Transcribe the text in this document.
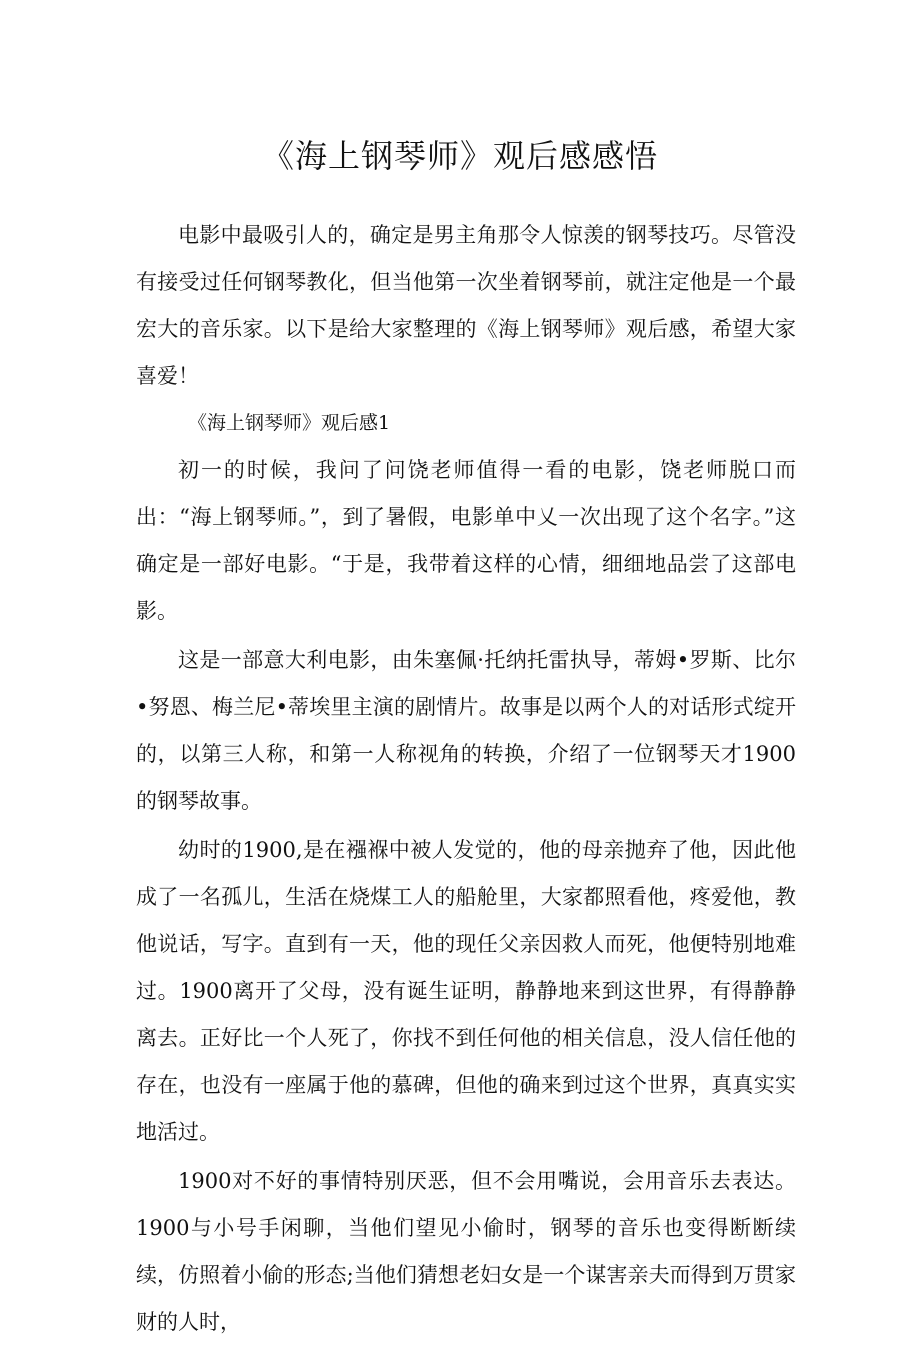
《海上钢琴师》观后感感悟

电影中最吸引人的，确定是男主角那令人惊羡的钢琴技巧。尽管没有接受过任何钢琴教化，但当他第一次坐着钢琴前，就注定他是一个最宏大的音乐家。以下是给大家整理的《海上钢琴师》观后感，希望大家喜爱！

《海上钢琴师》观后感1

初一的时候，我问了问饶老师值得一看的电影，饶老师脱口而出：“海上钢琴师。”，到了暑假，电影单中乂一次出现了这个名字。”这确定是一部好电影。“于是，我带着这样的心情，细细地品尝了这部电影。

这是一部意大利电影，由朱塞佩·托纳托雷执导，蒂姆•罗斯、比尔•努恩、梅兰尼•蒂埃里主演的剧情片。故事是以两个人的对话形式绽开的，以第三人称，和第一人称视角的转换，介绍了一位钢琴天才1900的钢琴故事。

幼时的1900,是在襁褓中被人发觉的，他的母亲抛弃了他，因此他成了一名孤儿，生活在烧煤工人的船舱里，大家都照看他，疼爱他，教他说话，写字。直到有一天，他的现任父亲因救人而死，他便特别地难过。1900离开了父母，没有诞生证明，静静地来到这世界，有得静静离去。正好比一个人死了，你找不到任何他的相关信息，没人信任他的存在，也没有一座属于他的慕碑，但他的确来到过这个世界，真真实实地活过。

1900对不好的事情特别厌恶，但不会用嘴说，会用音乐去表达。1900与小号手闲聊，当他们望见小偷时，钢琴的音乐也变得断断续续，仿照着小偷的形态;当他们猜想老妇女是一个谋害亲夫而得到万贯家财的人时，
